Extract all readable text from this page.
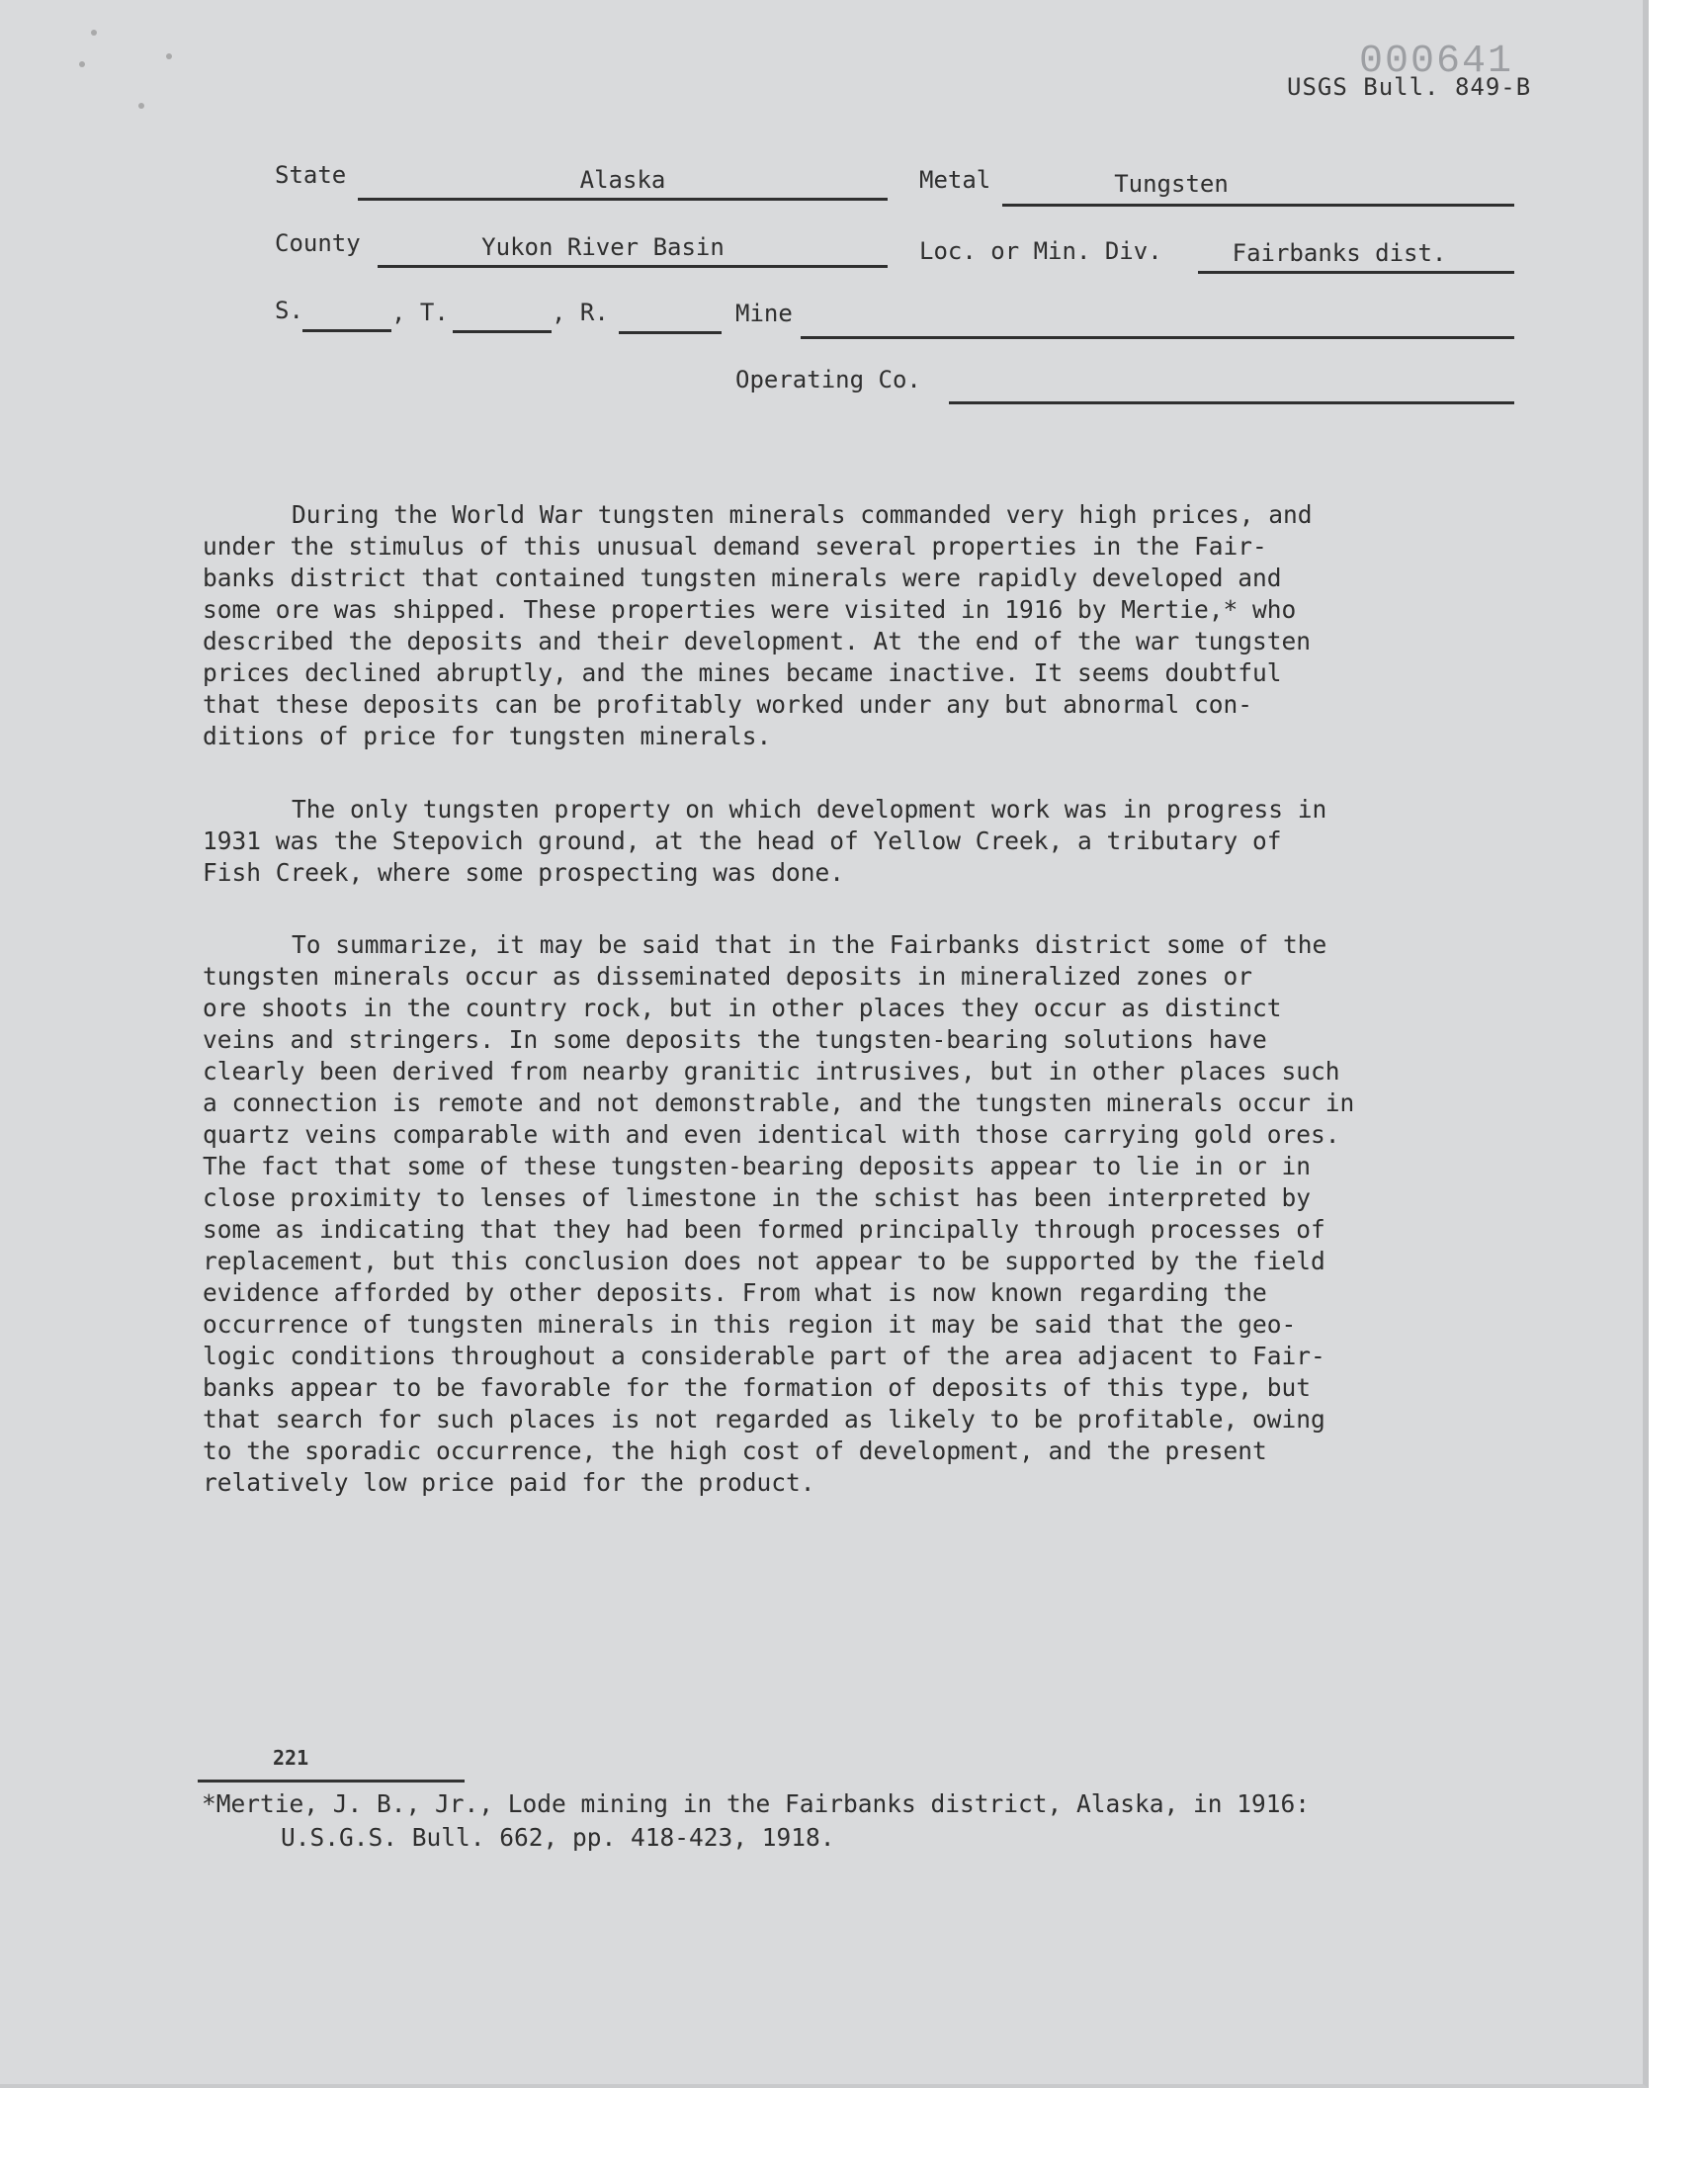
000641
USGS Bull. 849-B
State	Alaska	Metal	Tungsten
County	Yukon River Basin	Loc. or Min. Div.	Fairbanks dist.
S.	, T.	, R.	Mine
Operating Co.

During the World War tungsten minerals commanded very high prices, and
under the stimulus of this unusual demand several properties in the Fair-
banks district that contained tungsten minerals were rapidly developed and
some ore was shipped. These properties were visited in 1916 by Mertie,* who
described the deposits and their development. At the end of the war tungsten
prices declined abruptly, and the mines became inactive. It seems doubtful
that these deposits can be profitably worked under any but abnormal con-
ditions of price for tungsten minerals.

The only tungsten property on which development work was in progress in
1931 was the Stepovich ground, at the head of Yellow Creek, a tributary of
Fish Creek, where some prospecting was done.

To summarize, it may be said that in the Fairbanks district some of the
tungsten minerals occur as disseminated deposits in mineralized zones or
ore shoots in the country rock, but in other places they occur as distinct
veins and stringers. In some deposits the tungsten-bearing solutions have
clearly been derived from nearby granitic intrusives, but in other places such
a connection is remote and not demonstrable, and the tungsten minerals occur in
quartz veins comparable with and even identical with those carrying gold ores.
The fact that some of these tungsten-bearing deposits appear to lie in or in
close proximity to lenses of limestone in the schist has been interpreted by
some as indicating that they had been formed principally through processes of
replacement, but this conclusion does not appear to be supported by the field
evidence afforded by other deposits. From what is now known regarding the
occurrence of tungsten minerals in this region it may be said that the geo-
logic conditions throughout a considerable part of the area adjacent to Fair-
banks appear to be favorable for the formation of deposits of this type, but
that search for such places is not regarded as likely to be profitable, owing
to the sporadic occurrence, the high cost of development, and the present
relatively low price paid for the product.

221

*Mertie, J. B., Jr., Lode mining in the Fairbanks district, Alaska, in 1916:
U.S.G.S. Bull. 662, pp. 418-423, 1918.
